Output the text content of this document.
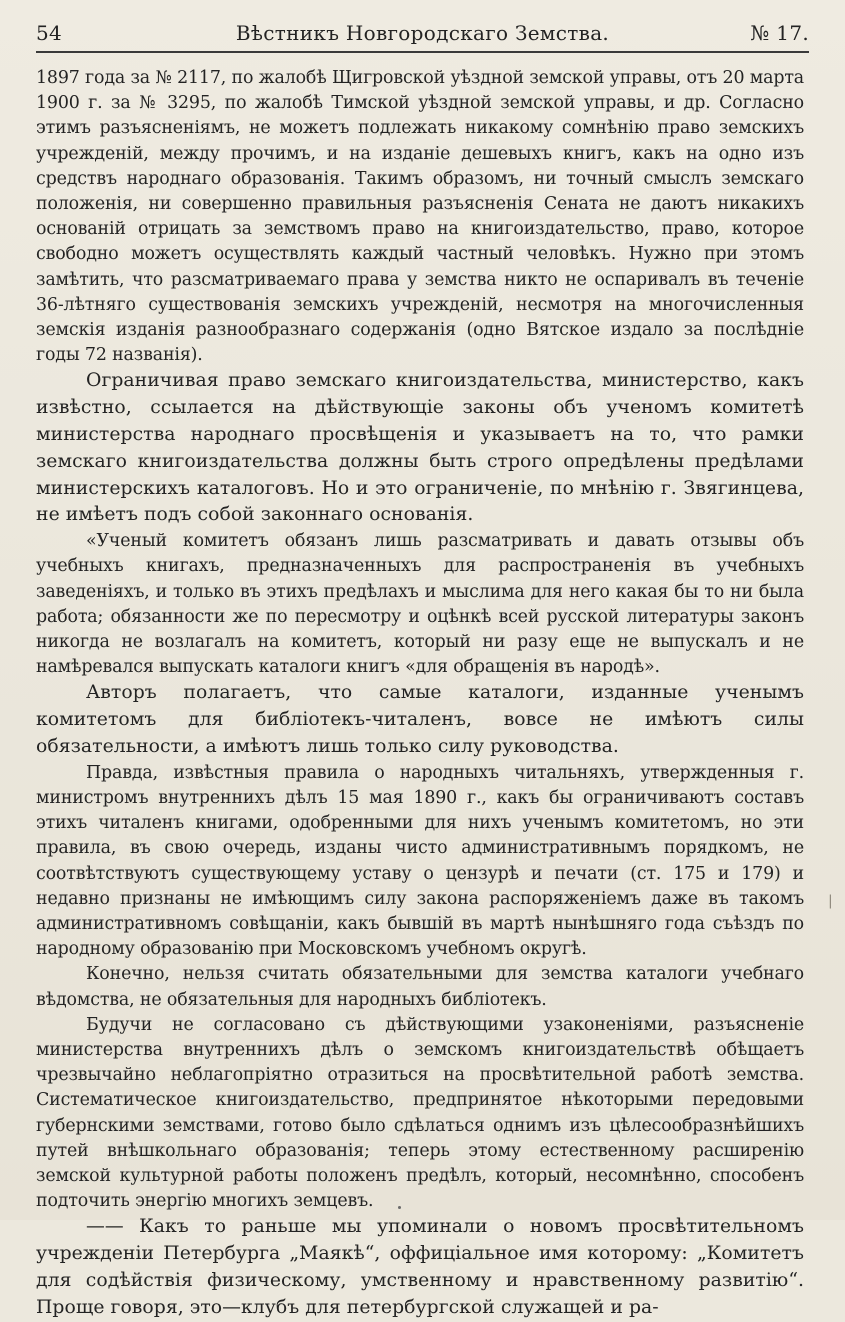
54	Вѣстникъ Новгородскаго Земства.	№ 17.

1897 года за № 2117, по жалобѣ Щигровской уѣздной земской управы, отъ 20 марта 1900 г. за № 3295, по жалобѣ Тимской уѣздной земской управы, и др. Согласно этимъ разъясненіямъ, не можетъ подлежать никакому сомнѣнію право земскихъ учрежденій, между прочимъ, и на изданіе дешевыхъ книгъ, какъ на одно изъ средствъ народнаго образованія. Такимъ образомъ, ни точный смыслъ земскаго положенія, ни совершенно правильныя разъясненія Сената не даютъ никакихъ основаній отрицать за земствомъ право на книгоиздательство, право, которое свободно можетъ осуществлять каждый частный человѣкъ. Нужно при этомъ замѣтить, что разсматриваемаго права у земства никто не оспаривалъ въ теченіе 36-лѣтняго существованія земскихъ учрежденій, несмотря на многочисленныя земскія изданія разнообразнаго содержанія (одно Вятское издало за послѣдніе годы 72 названія).

Ограничивая право земскаго книгоиздательства, министерство, какъ извѣстно, ссылается на дѣйствующіе законы объ ученомъ комитетѣ министерства народнаго просвѣщенія и указываетъ на то, что рамки земскаго книгоиздательства должны быть строго опредѣлены предѣлами министерскихъ каталоговъ. Но и это ограниченіе, по мнѣнію г. Звягинцева, не имѣетъ подъ собой законнаго основанія.

«Ученый комитетъ обязанъ лишь разсматривать и давать отзывы объ учебныхъ книгахъ, предназначенныхъ для распространенія въ учебныхъ заведеніяхъ, и только въ этихъ предѣлахъ и мыслима для него какая бы то ни была работа; обязанности же по пересмотру и оцѣнкѣ всей русской литературы законъ никогда не возлагалъ на комитетъ, который ни разу еще не выпускалъ и не намѣревался выпускать каталоги книгъ «для обращенія въ народѣ».

Авторъ полагаетъ, что самые каталоги, изданные ученымъ комитетомъ для библіотекъ-читаленъ, вовсе не имѣютъ силы обязательности, а имѣютъ лишь только силу руководства.

Правда, извѣстныя правила о народныхъ читальняхъ, утвержденныя г. министромъ внутреннихъ дѣлъ 15 мая 1890 г., какъ бы ограничиваютъ составъ этихъ читаленъ книгами, одобренными для нихъ ученымъ комитетомъ, но эти правила, въ свою очередь, изданы чисто административнымъ порядкомъ, не соотвѣтствуютъ существующему уставу о цензурѣ и печати (ст. 175 и 179) и недавно признаны не имѣющимъ силу закона распоряженіемъ даже въ такомъ административномъ совѣщаніи, какъ бывшій въ мартѣ нынѣшняго года съѣздъ по народному образованію при Московскомъ учебномъ округѣ.

Конечно, нельзя считать обязательными для земства каталоги учебнаго вѣдомства, не обязательныя для народныхъ библіотекъ.

Будучи не согласовано съ дѣйствующими узаконеніями, разъясненіе министерства внутреннихъ дѣлъ о земскомъ книгоиздательствѣ обѣщаетъ чрезвычайно неблагопріятно отразиться на просвѣтительной работѣ земства. Систематическое книгоиздательство, предпринятое нѣкоторыми передовыми губернскими земствами, готово было сдѣлаться однимъ изъ цѣлесообразнѣйшихъ путей внѣшкольнаго образованія; теперь этому естественному расширенію земской культурной работы положенъ предѣлъ, который, несомнѣнно, способенъ подточить энергію многихъ земцевъ.

—— Какъ то раньше мы упоминали о новомъ просвѣтительномъ учрежденіи Петербурга „Маякѣ“, оффиціальное имя которому: „Комитетъ для содѣйствія физическому, умственному и нравственному развитію“. Проще говоря, это—клубъ для петербургской служащей и ра-

|
